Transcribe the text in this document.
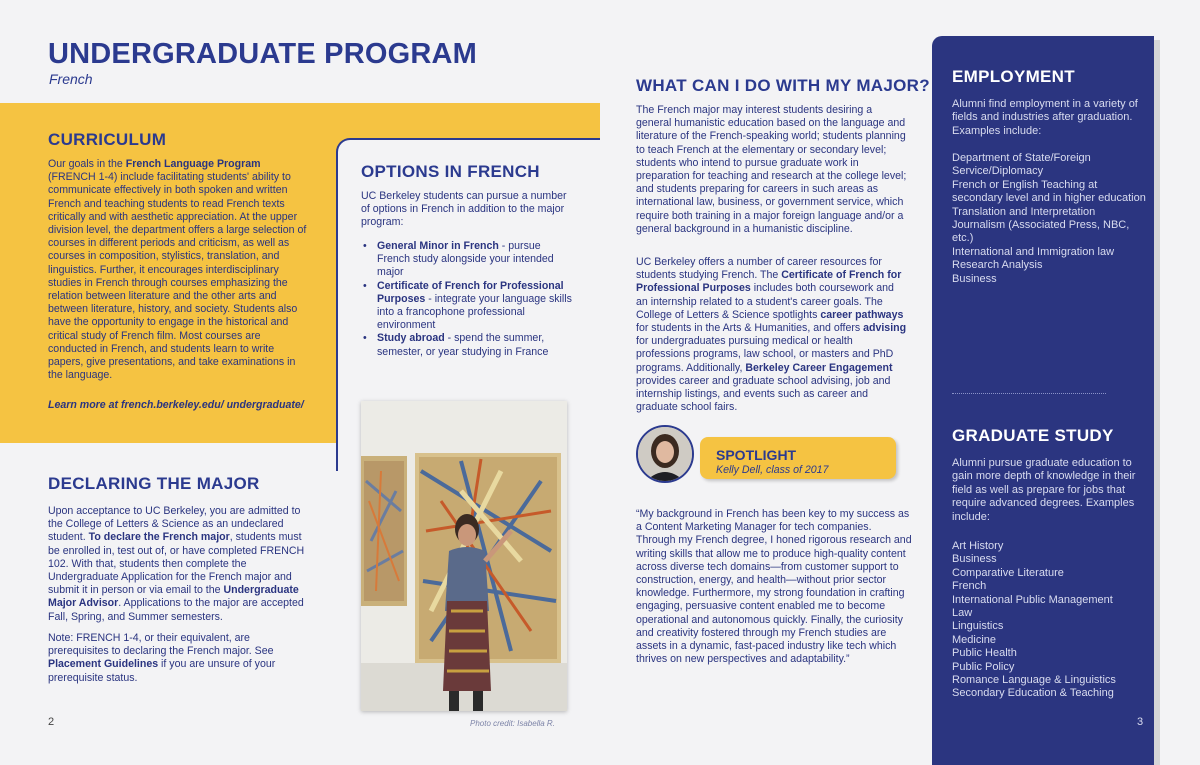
UNDERGRADUATE PROGRAM
French
CURRICULUM

Our goals in the French Language Program (FRENCH 1-4) include facilitating students' ability to communicate effectively in both spoken and written French and teaching students to read French texts critically and with aesthetic appreciation. At the upper division level, the department offers a large selection of courses in different periods and criticism, as well as courses in composition, stylistics, translation, and linguistics. Further, it encourages interdisciplinary studies in French through courses emphasizing the relation between literature and the other arts and between literature, history, and society. Students also have the opportunity to engage in the historical and critical study of French film. Most courses are conducted in French, and students learn to write papers, give presentations, and take examinations in the language.

Learn more at french.berkeley.edu/ undergraduate/
DECLARING THE MAJOR

Upon acceptance to UC Berkeley, you are admitted to the College of Letters & Science as an undeclared student. To declare the French major, students must be enrolled in, test out of, or have completed FRENCH 102. With that, students then complete the Undergraduate Application for the French major and submit it in person or via email to the Undergraduate Major Advisor. Applications to the major are accepted Fall, Spring, and Summer semesters.

Note: FRENCH 1-4, or their equivalent, are prerequisites to declaring the French major. See Placement Guidelines if you are unsure of your prerequisite status.

OPTIONS IN FRENCH

UC Berkeley students can pursue a number of options in French in addition to the major program:

• General Minor in French - pursue French study alongside your intended major
• Certificate of French for Professional Purposes - integrate your language skills into a francophone professional environment
• Study abroad - spend the summer, semester, or year studying in France
Photo credit: Isabella R.
2
WHAT CAN I DO WITH MY MAJOR?

The French major may interest students desiring a general humanistic education based on the language and literature of the French-speaking world; students planning to teach French at the elementary or secondary level; students who intend to pursue graduate work in preparation for teaching and research at the college level; and students preparing for careers in such areas as international law, business, or government service, which require both training in a major foreign language and/or a general background in a humanistic discipline.

UC Berkeley offers a number of career resources for students studying French. The Certificate of French for Professional Purposes includes both coursework and an internship related to a student's career goals. The College of Letters & Science spotlights career pathways for students in the Arts & Humanities, and offers advising for undergraduates pursuing medical or health professions programs, law school, or masters and PhD programs. Additionally, Berkeley Career Engagement provides career and graduate school advising, job and internship listings, and events such as career and graduate school fairs.

SPOTLIGHT
Kelly Dell, class of 2017

“My background in French has been key to my success as a Content Marketing Manager for tech companies. Through my French degree, I honed rigorous research and writing skills that allow me to produce high-quality content across diverse tech domains—from customer support to construction, energy, and health—without prior sector knowledge. Furthermore, my strong foundation in crafting engaging, persuasive content enabled me to become operational and autonomous quickly. Finally, the curiosity and creativity fostered through my French studies are assets in a dynamic, fast-paced industry like tech which thrives on new perspectives and adaptability.”

EMPLOYMENT
Alumni find employment in a variety of fields and industries after graduation. Examples include:
Department of State/Foreign Service/Diplomacy
French or English Teaching at secondary level and in higher education
Translation and Interpretation
Journalism (Associated Press, NBC, etc.)
International and Immigration law
Research Analysis
Business
GRADUATE STUDY
Alumni pursue graduate education to gain more depth of knowledge in their field as well as prepare for jobs that require advanced degrees. Examples include:
Art History
Business
Comparative Literature
French
International Public Management
Law
Linguistics
Medicine
Public Health
Public Policy
Romance Language & Linguistics
Secondary Education & Teaching
3
